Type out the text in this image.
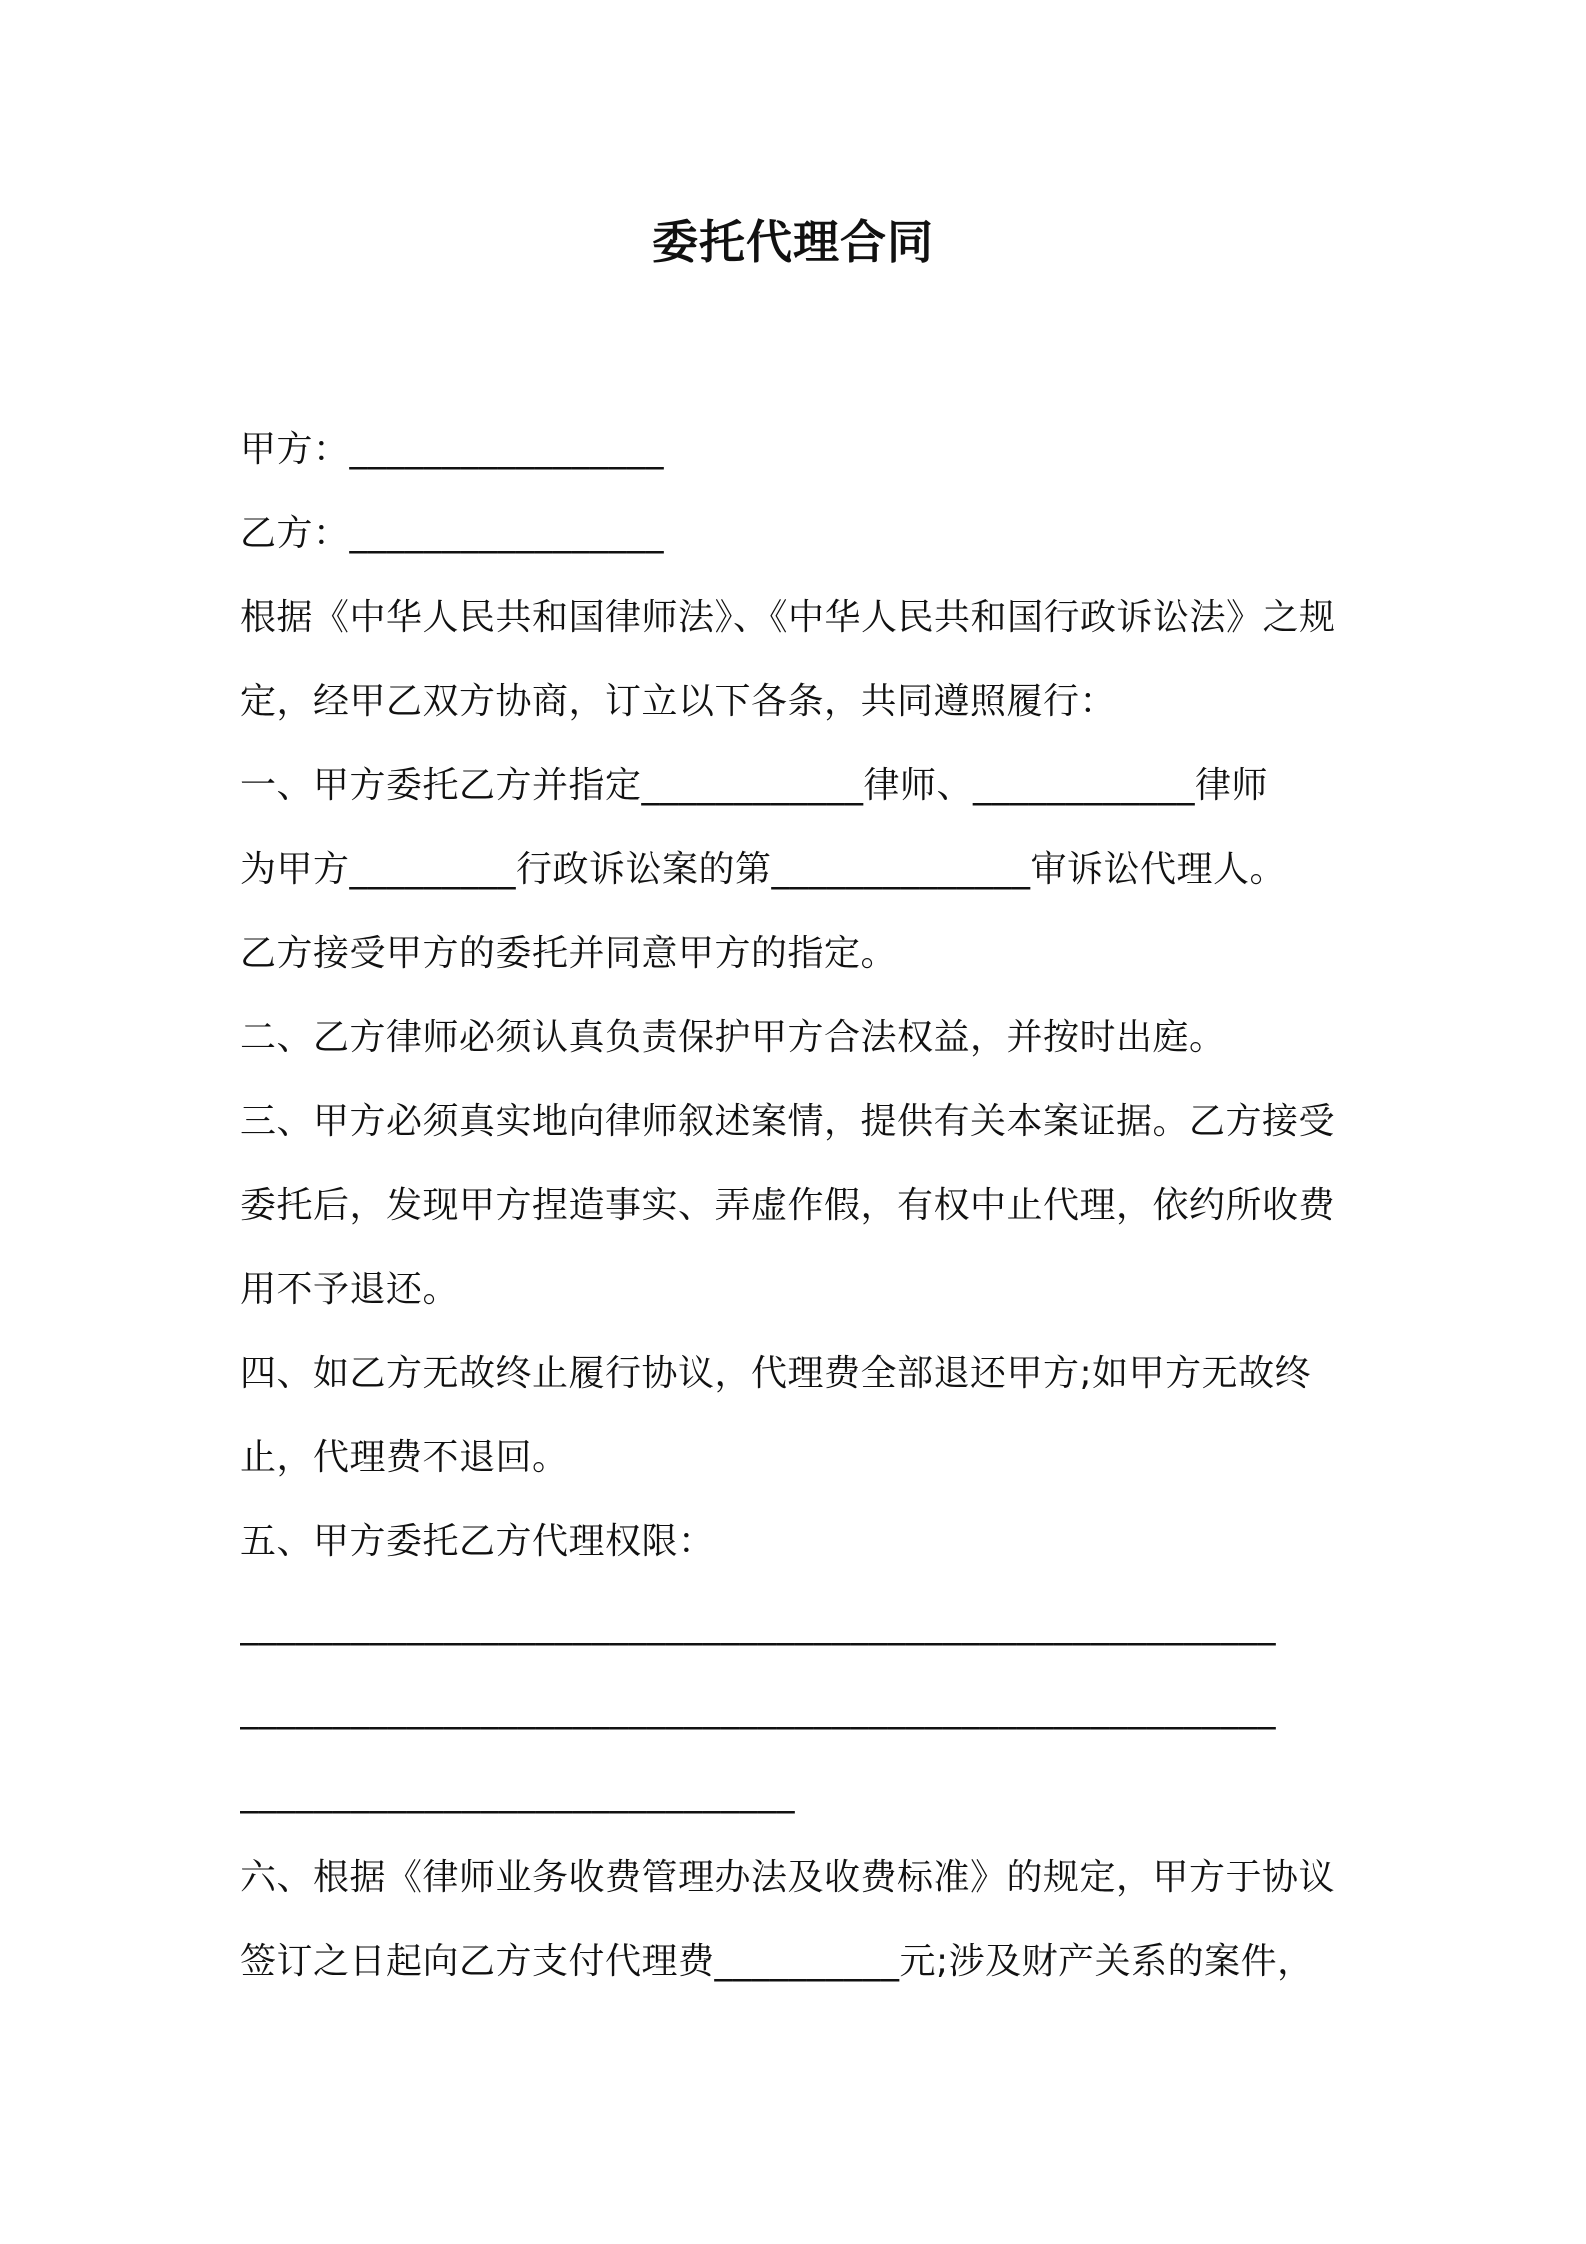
委托代理合同
甲方：_________________
乙方：_________________
根据《中华人民共和国律师法》、《中华人民共和国行政诉讼法》之规
定，经甲乙双方协商，订立以下各条，共同遵照履行：
一、甲方委托乙方并指定____________律师、____________律师
为甲方_________行政诉讼案的第______________审诉讼代理人。
乙方接受甲方的委托并同意甲方的指定。
二、乙方律师必须认真负责保护甲方合法权益，并按时出庭。
三、甲方必须真实地向律师叙述案情，提供有关本案证据。乙方接受
委托后，发现甲方捏造事实、弄虚作假，有权中止代理，依约所收费
用不予退还。
四、如乙方无故终止履行协议，代理费全部退还甲方;如甲方无故终
止，代理费不退回。
五、甲方委托乙方代理权限：
________________________________________________________
________________________________________________________
______________________________
六、根据《律师业务收费管理办法及收费标准》的规定，甲方于协议
签订之日起向乙方支付代理费__________元;涉及财产关系的案件，
